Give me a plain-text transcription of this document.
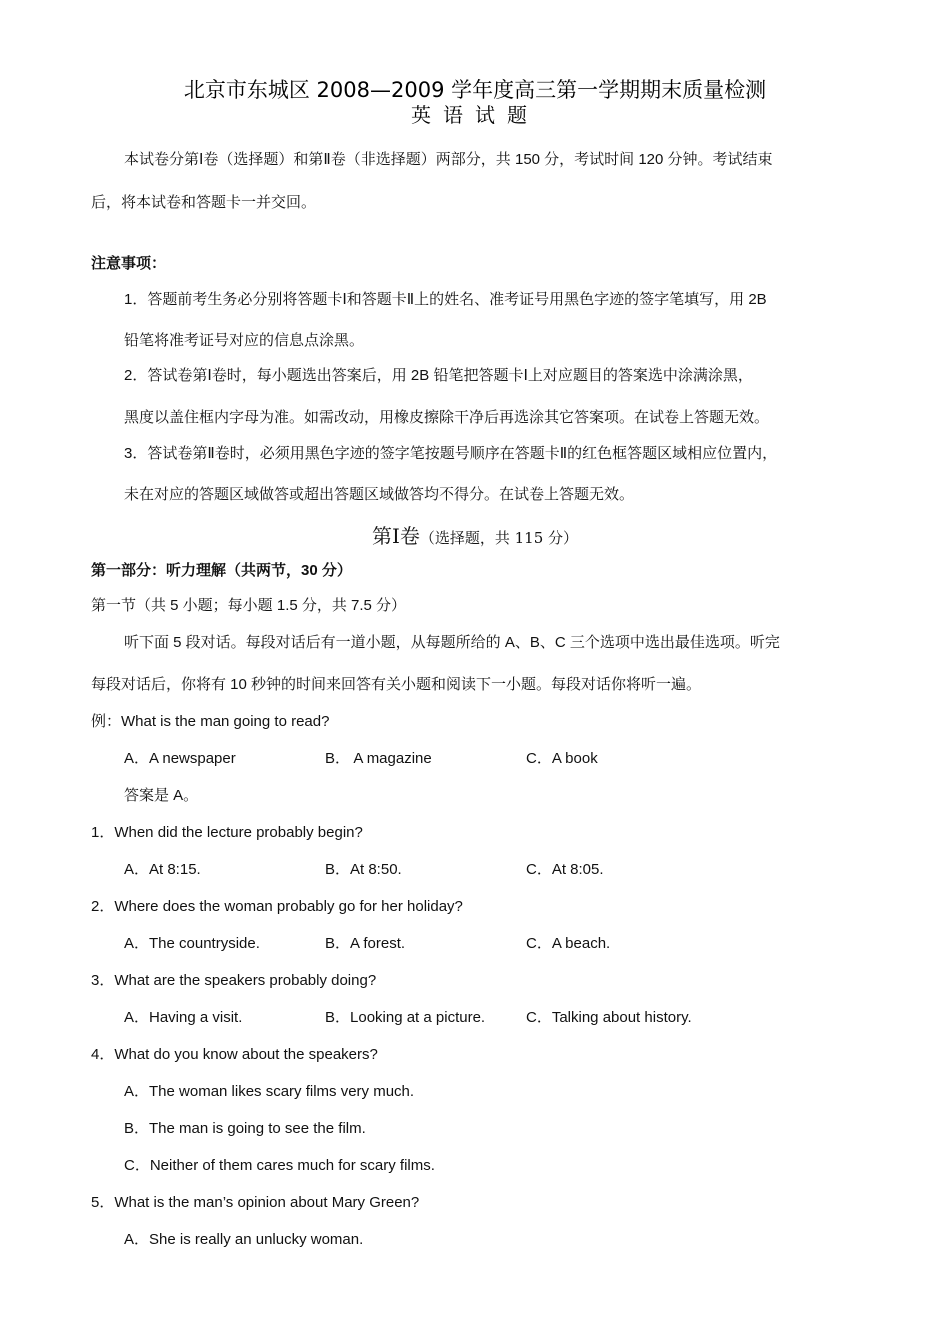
北京市东城区 2008—2009 学年度高三第一学期期末质量检测
英语试题
本试卷分第Ⅰ卷（选择题）和第Ⅱ卷（非选择题）两部分，共 150 分，考试时间 120 分钟。考试结束
后，将本试卷和答题卡一并交回。
注意事项：
1．答题前考生务必分别将答题卡Ⅰ和答题卡Ⅱ上的姓名、准考证号用黑色字迹的签字笔填写，用 2B
铅笔将准考证号对应的信息点涂黑。
2．答试卷第Ⅰ卷时，每小题选出答案后，用 2B 铅笔把答题卡Ⅰ上对应题目的答案选中涂满涂黑，
黑度以盖住框内字母为准。如需改动，用橡皮擦除干净后再选涂其它答案项。在试卷上答题无效。
3．答试卷第Ⅱ卷时，必须用黑色字迹的签字笔按题号顺序在答题卡Ⅱ的红色框答题区域相应位置内，
未在对应的答题区域做答或超出答题区域做答均不得分。在试卷上答题无效。
第Ⅰ卷（选择题，共 115 分）
第一部分：听力理解（共两节，30 分）
第一节（共 5 小题；每小题 1.5 分，共 7.5 分）
听下面 5 段对话。每段对话后有一道小题，从每题所给的 A、B、C 三个选项中选出最佳选项。听完
每段对话后，你将有 10 秒钟的时间来回答有关小题和阅读下一小题。每段对话你将听一遍。
例：What is the man going to read?
A．A newspaper	B． A magazine	C．A book
答案是 A。
1．When did the lecture probably begin?
A．At 8:15.	B．At 8:50.	C．At 8:05.
2．Where does the woman probably go for her holiday?
A．The countryside.	B．A forest.	C．A beach.
3．What are the speakers probably doing?
A．Having a visit.	B．Looking at a picture.	C．Talking about history.
4．What do you know about the speakers?
A．The woman likes scary films very much.
B．The man is going to see the film.
C．Neither of them cares much for scary films.
5．What is the man’s opinion about Mary Green?
A．She is really an unlucky woman.
